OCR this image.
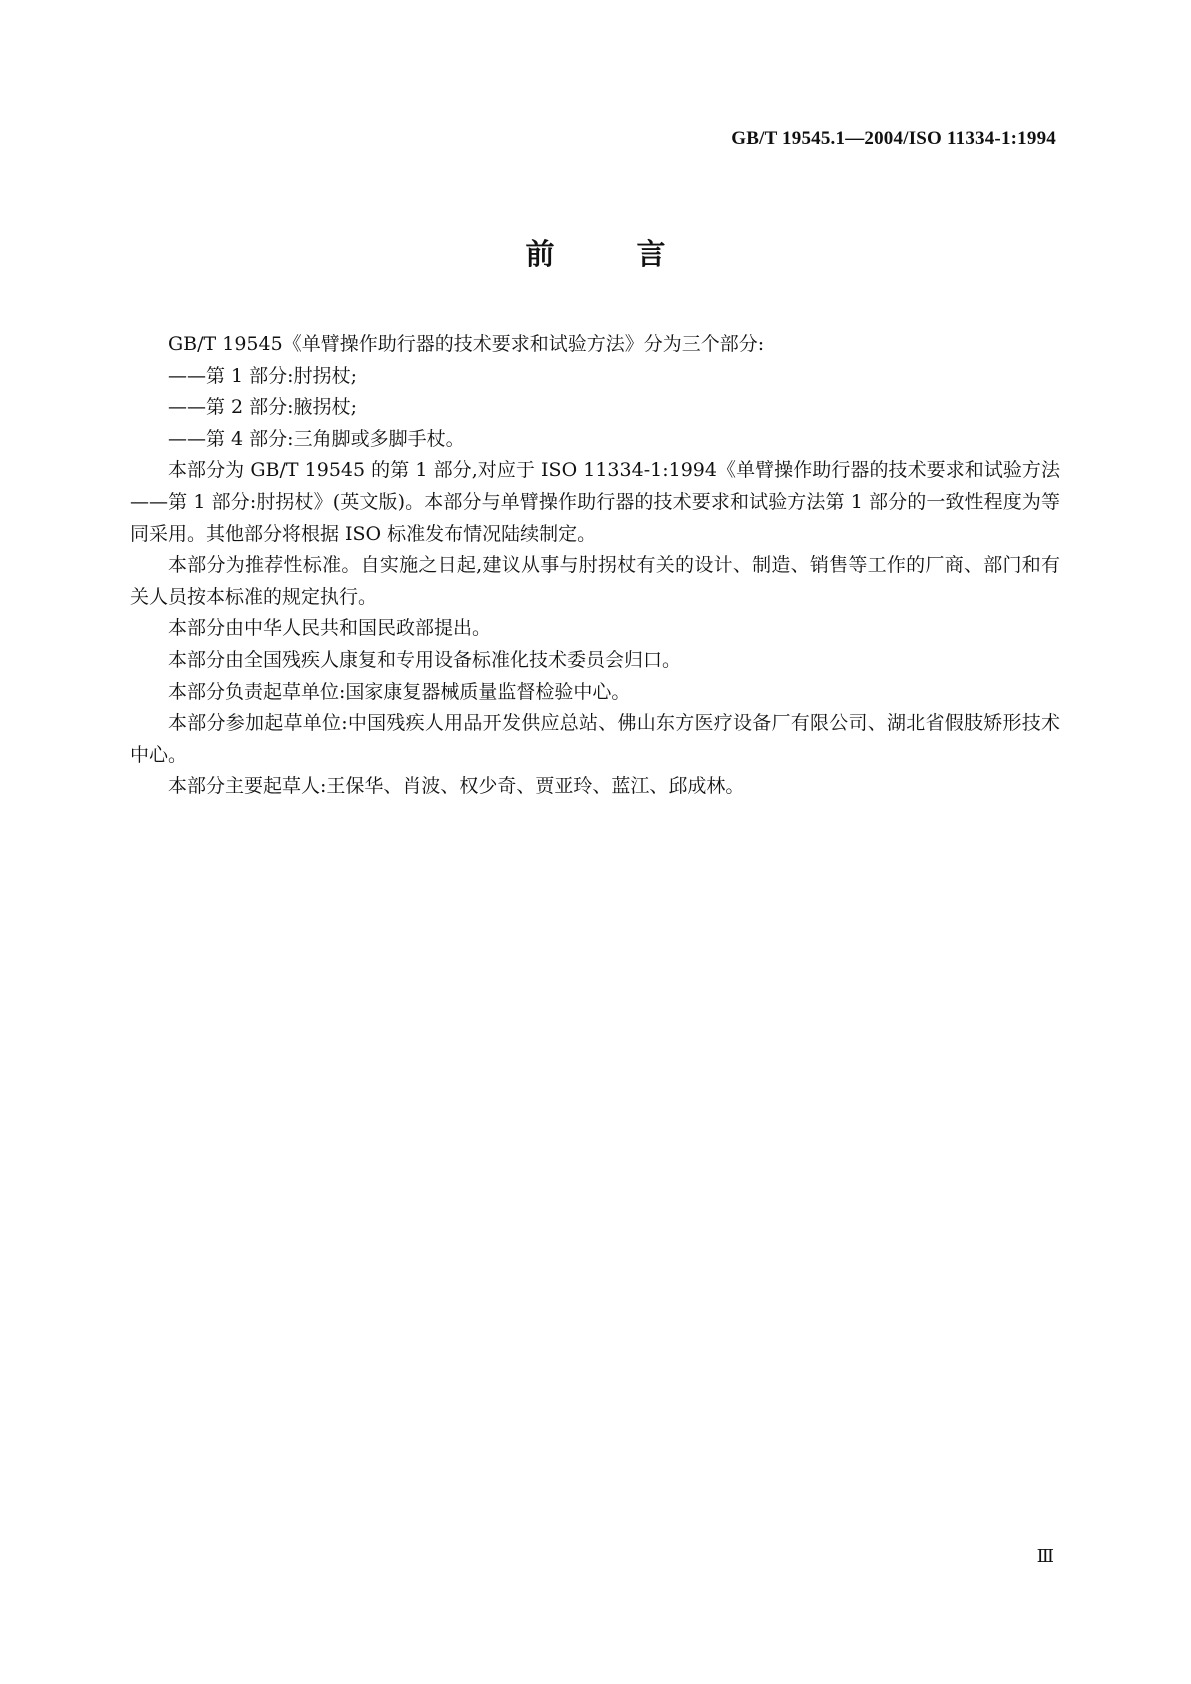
GB/T 19545.1—2004/ISO 11334-1:1994
前 言

GB/T 19545《单臂操作助行器的技术要求和试验方法》分为三个部分:

——第 1 部分:肘拐杖;

——第 2 部分:腋拐杖;

——第 4 部分:三角脚或多脚手杖。

本部分为 GB/T 19545 的第 1 部分,对应于 ISO 11334-1:1994《单臂操作助行器的技术要求和试验方法——第 1 部分:肘拐杖》(英文版)。本部分与单臂操作助行器的技术要求和试验方法第 1 部分的一致性程度为等同采用。其他部分将根据 ISO 标准发布情况陆续制定。

本部分为推荐性标准。自实施之日起,建议从事与肘拐杖有关的设计、制造、销售等工作的厂商、部门和有关人员按本标准的规定执行。

本部分由中华人民共和国民政部提出。

本部分由全国残疾人康复和专用设备标准化技术委员会归口。

本部分负责起草单位:国家康复器械质量监督检验中心。

本部分参加起草单位:中国残疾人用品开发供应总站、佛山东方医疗设备厂有限公司、湖北省假肢矫形技术中心。

本部分主要起草人:王保华、肖波、权少奇、贾亚玲、蓝江、邱成林。

Ⅲ
